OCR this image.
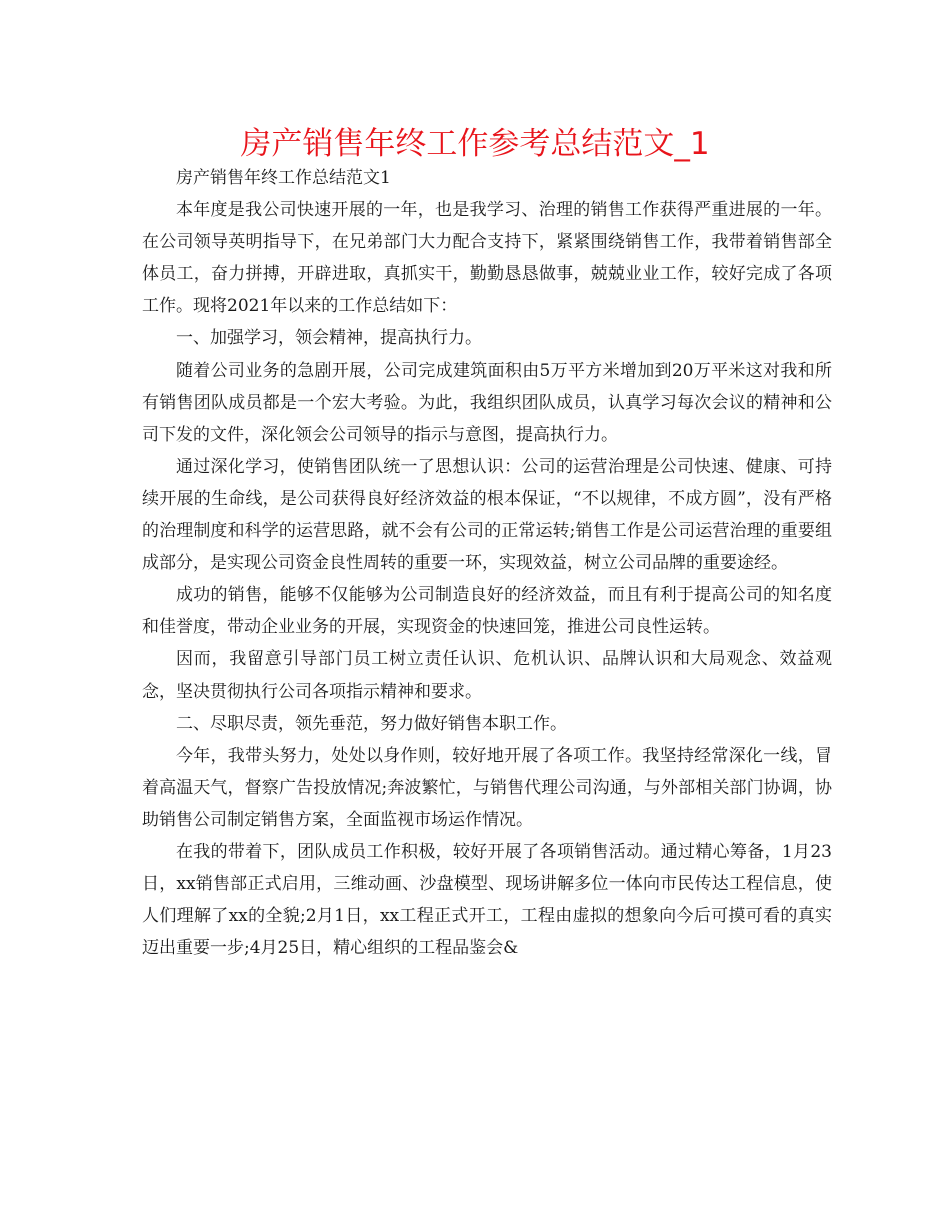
房产销售年终工作参考总结范文_1

房产销售年终工作总结范文1

本年度是我公司快速开展的一年，也是我学习、治理的销售工作获得严重进展的一年。在公司领导英明指导下，在兄弟部门大力配合支持下，紧紧围绕销售工作，我带着销售部全体员工，奋力拼搏，开辟进取，真抓实干，勤勤恳恳做事，兢兢业业工作，较好完成了各项工作。现将2021年以来的工作总结如下：

一、加强学习，领会精神，提高执行力。

随着公司业务的急剧开展，公司完成建筑面积由5万平方米增加到20万平米这对我和所有销售团队成员都是一个宏大考验。为此，我组织团队成员，认真学习每次会议的精神和公司下发的文件，深化领会公司领导的指示与意图，提高执行力。

通过深化学习，使销售团队统一了思想认识：公司的运营治理是公司快速、健康、可持续开展的生命线，是公司获得良好经济效益的根本保证，“不以规律，不成方圆”，没有严格的治理制度和科学的运营思路，就不会有公司的正常运转;销售工作是公司运营治理的重要组成部分，是实现公司资金良性周转的重要一环，实现效益，树立公司品牌的重要途经。

成功的销售，能够不仅能够为公司制造良好的经济效益，而且有利于提高公司的知名度和佳誉度，带动企业业务的开展，实现资金的快速回笼，推进公司良性运转。

因而，我留意引导部门员工树立责任认识、危机认识、品牌认识和大局观念、效益观念，坚决贯彻执行公司各项指示精神和要求。

二、尽职尽责，领先垂范，努力做好销售本职工作。

今年，我带头努力，处处以身作则，较好地开展了各项工作。我坚持经常深化一线，冒着高温天气，督察广告投放情况;奔波繁忙，与销售代理公司沟通，与外部相关部门协调，协助销售公司制定销售方案，全面监视市场运作情况。

在我的带着下，团队成员工作积极，较好开展了各项销售活动。通过精心筹备，1月23日，xx销售部正式启用，三维动画、沙盘模型、现场讲解多位一体向市民传达工程信息，使人们理解了xx的全貌;2月1日，xx工程正式开工，工程由虚拟的想象向今后可摸可看的真实迈出重要一步;4月25日，精心组织的工程品鉴会&
